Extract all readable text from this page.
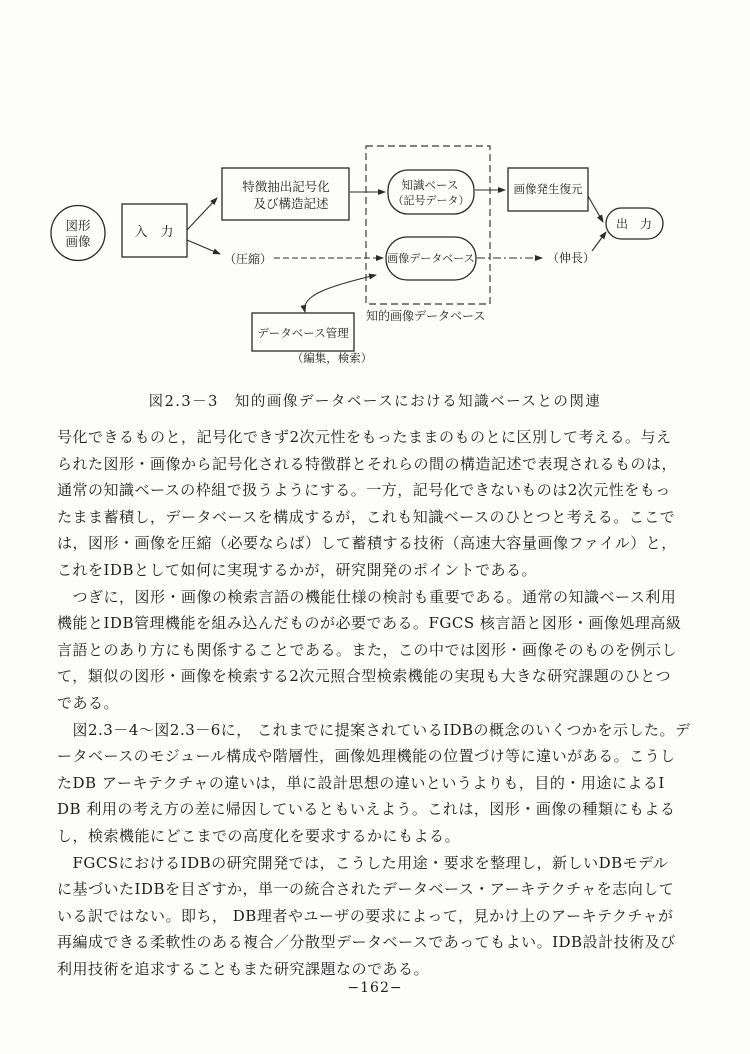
図形
画像
入　力
特徴抽出記号化
及び構造記述
知識ベース
（記号データ）
画像データベース
画像発生復元
出　力
データベース管理
（編集，検索）
知的画像データベース
（圧縮）	（伸長）
図2.3－3　知的画像データベースにおける知識ベースとの関連
号化できるものと，記号化できず2次元性をもったままのものとに区別して考える。与え
られた図形・画像から記号化される特徴群とそれらの間の構造記述で表現されるものは，
通常の知識ベースの枠組で扱うようにする。一方，記号化できないものは2次元性をもっ
たまま蓄積し，データベースを構成するが，これも知識ベースのひとつと考える。ここで
は，図形・画像を圧縮（必要ならば）して蓄積する技術（高速大容量画像ファイル）と，
これをIDBとして如何に実現するかが，研究開発のポイントである。
　つぎに，図形・画像の検索言語の機能仕様の検討も重要である。通常の知識ベース利用
機能とIDB管理機能を組み込んだものが必要である。FGCS 核言語と図形・画像処理高級
言語とのあり方にも関係することである。また，この中では図形・画像そのものを例示し
て，類似の図形・画像を検索する2次元照合型検索機能の実現も大きな研究課題のひとつ
である。
　図2.3－4～図2.3－6に， これまでに提案されているIDBの概念のいくつかを示した。デ
ータベースのモジュール構成や階層性，画像処理機能の位置づけ等に違いがある。こうし
たDB アーキテクチャの違いは，単に設計思想の違いというよりも，目的・用途によるI
DB 利用の考え方の差に帰因しているともいえよう。これは，図形・画像の種類にもよる
し，検索機能にどこまでの高度化を要求するかにもよる。
　FGCSにおけるIDBの研究開発では，こうした用途・要求を整理し，新しいDBモデル
に基づいたIDBを目ざすか，単一の統合されたデータベース・アーキテクチャを志向して
いる訳ではない。即ち， DB理者やユーザの要求によって，見かけ上のアーキテクチャが
再編成できる柔軟性のある複合／分散型データベースであってもよい。IDB設計技術及び
利用技術を追求することもまた研究課題なのである。
−162−
